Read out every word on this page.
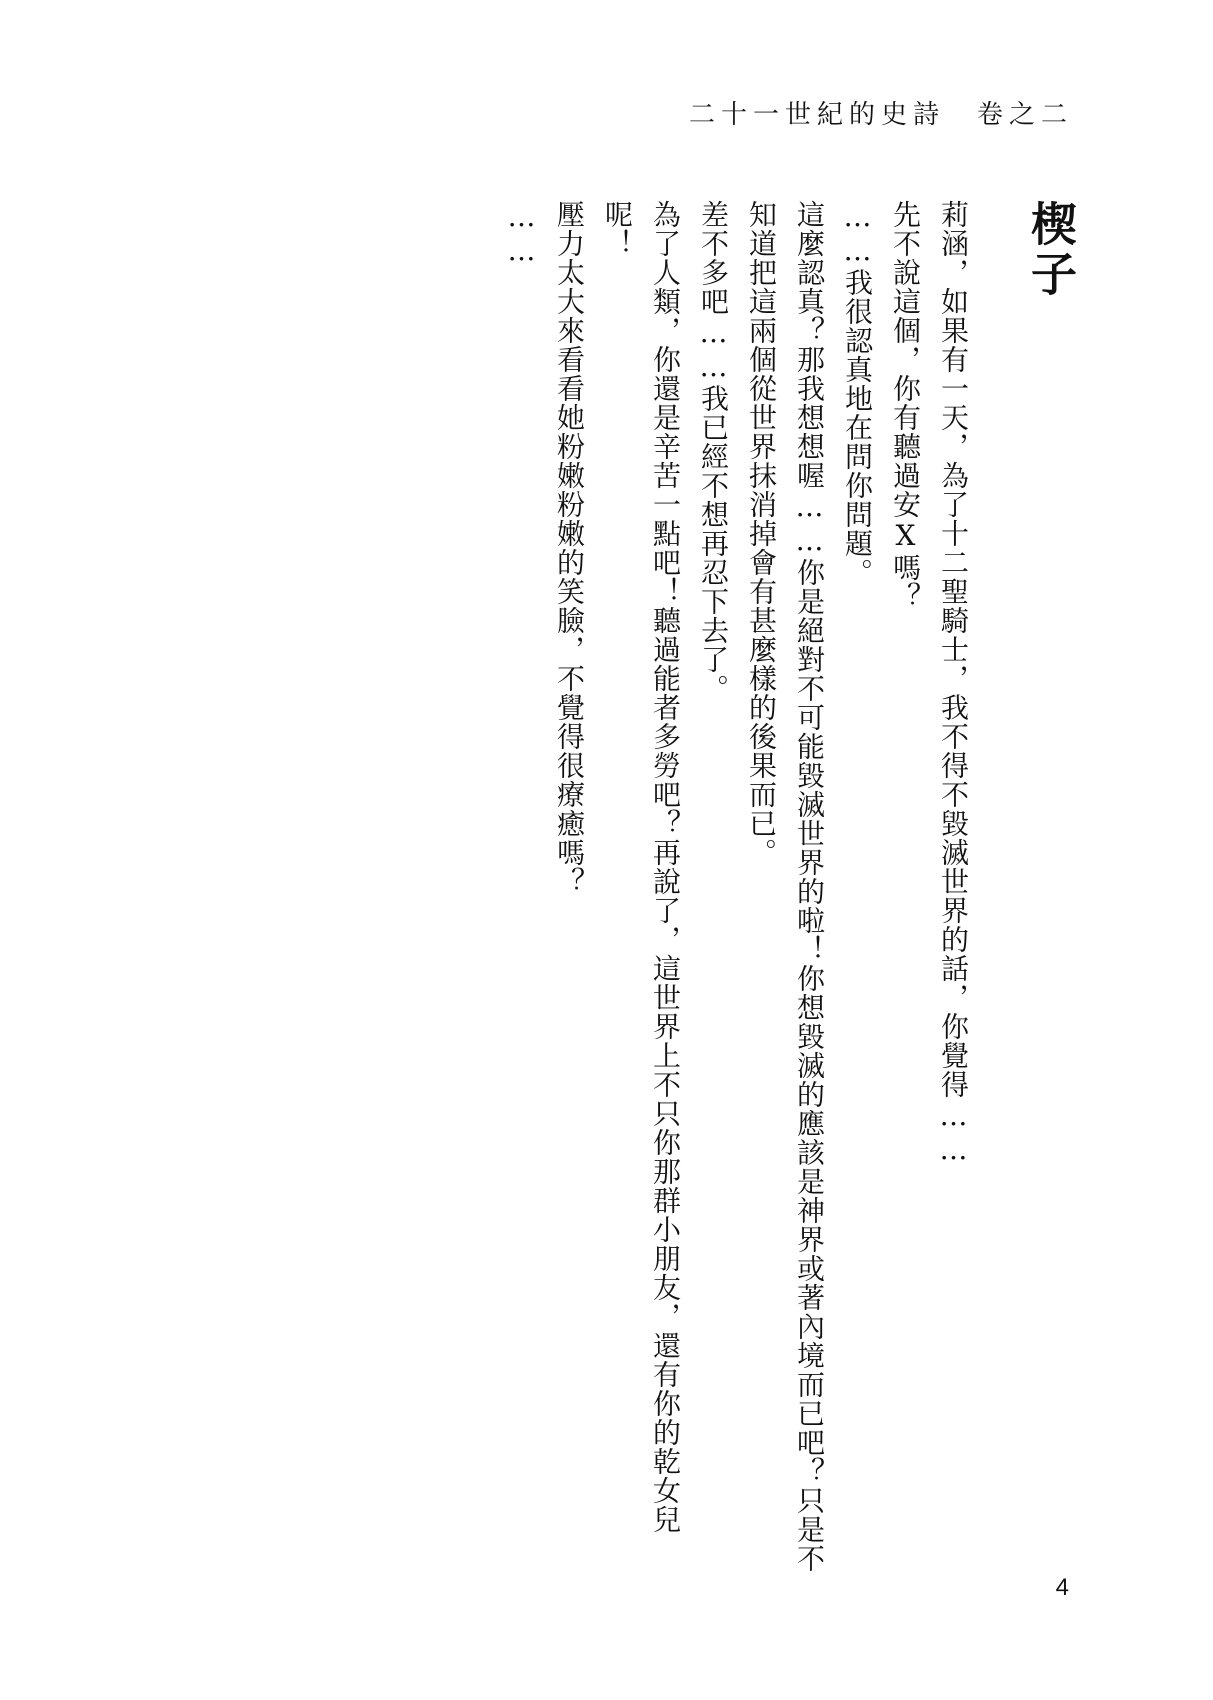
二十一世紀的史詩　卷之二
楔子
莉涵，如果有一天，為了十二聖騎士，我不得不毀滅世界的話，你覺得……
先不說這個，你有聽過安X嗎？
……我很認真地在問你問題。
這麼認真？那我想想喔……你是絕對不可能毀滅世界的啦！你想毀滅的應該是神界或著內境而已吧？只是不知道把這兩個從世界抹消掉會有甚麼樣的後果而已。
差不多吧……我已經不想再忍下去了。
為了人類，你還是辛苦一點吧！聽過能者多勞吧？再說了，這世界上不只你那群小朋友，還有你的乾女兒呢！
壓力太大來看看她粉嫩粉嫩的笑臉，不覺得很療癒嗎？
……
4
